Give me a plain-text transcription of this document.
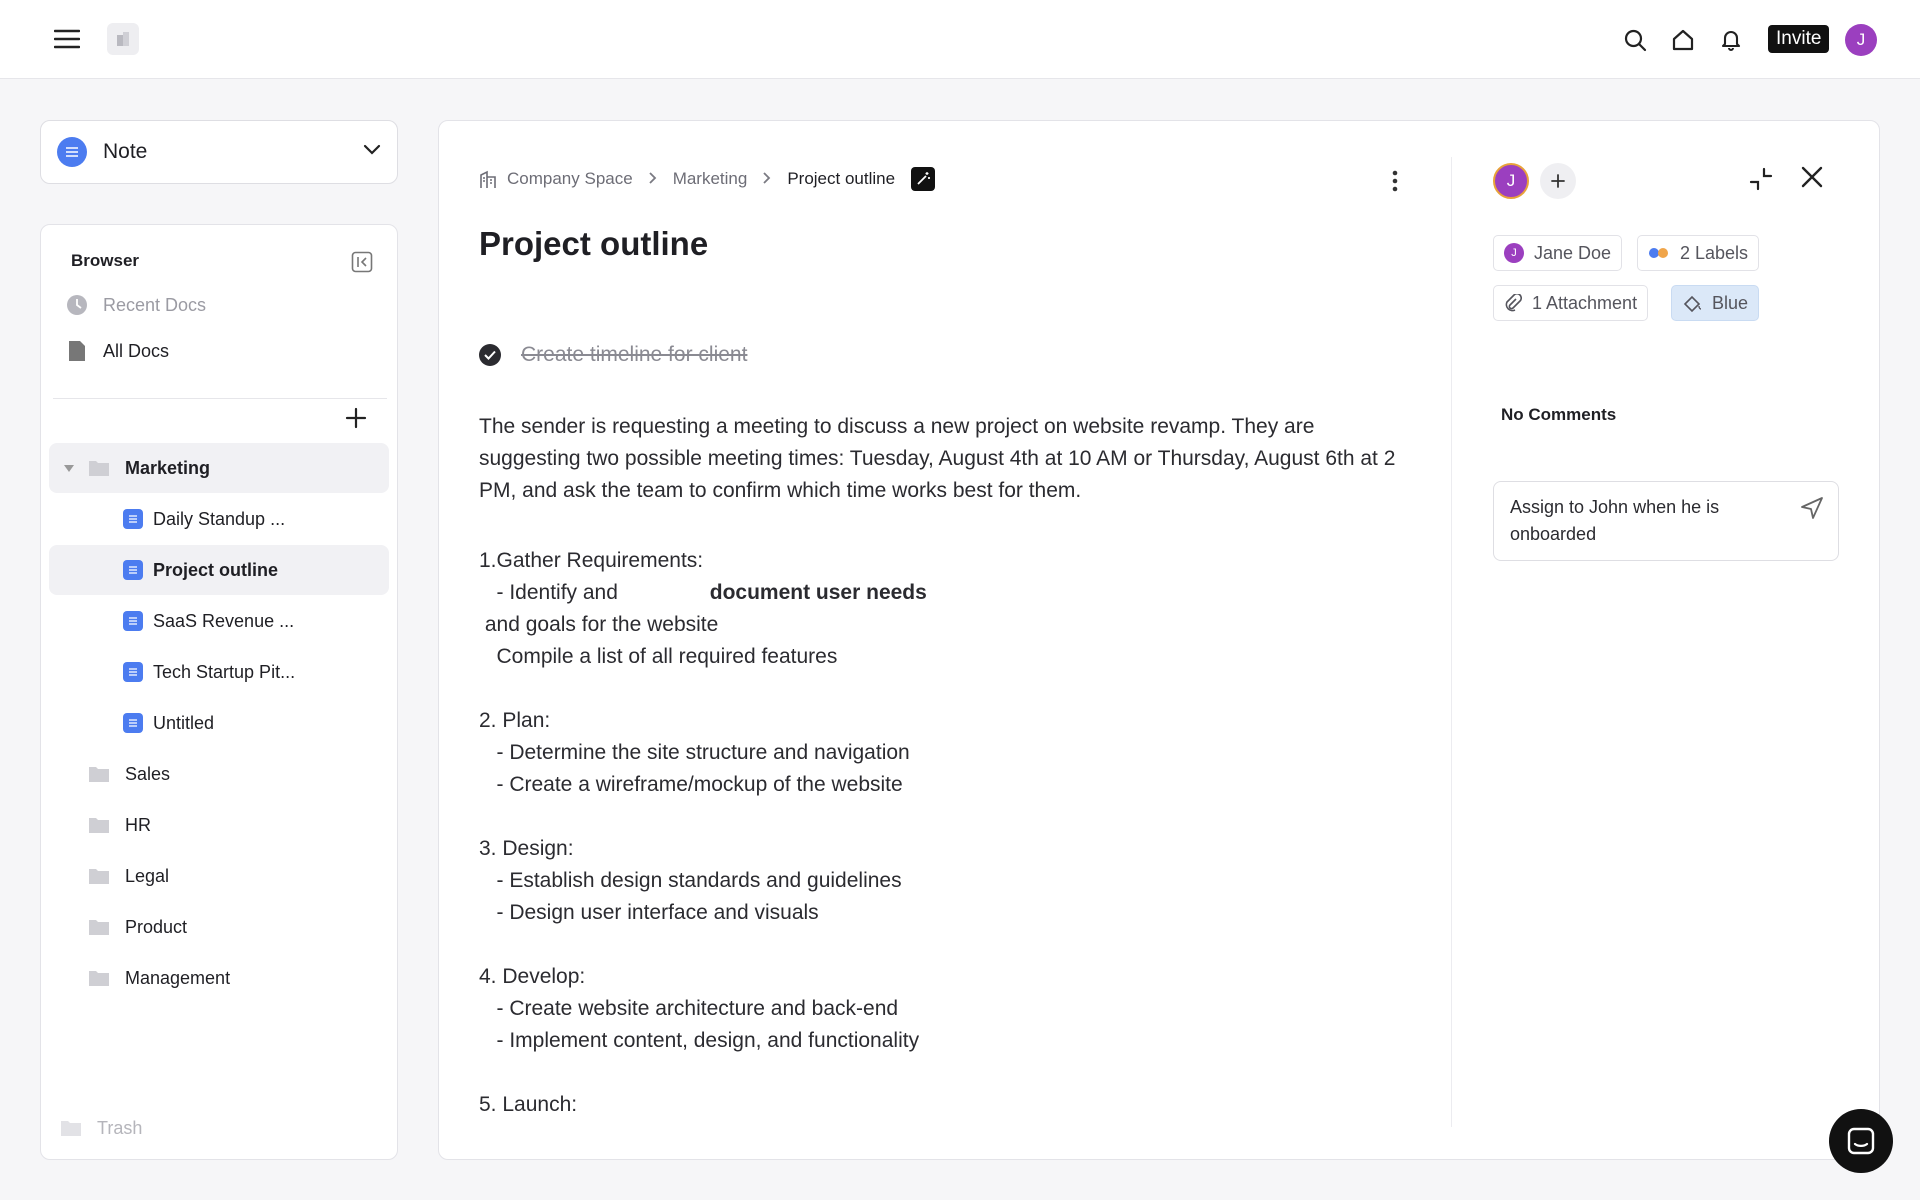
Invite	J
Note
Browser
Recent Docs
All Docs
Marketing
Daily Standup ...
Project outline
SaaS Revenue ...
Tech Startup Pit...
Untitled
Sales
HR
Legal
Product
Management
Trash
Company Space Marketing Project outline
Project outline
Create timeline for client

The sender is requesting a meeting to discuss a new project on website revamp. They are suggesting two possible meeting times: Tuesday, August 4th at 10 AM or Thursday, August 6th at 2 PM, and ask the team to confirm which time works best for them.

1.Gather Requirements:

- Identify and	document user needs

and goals for the website

Compile a list of all required features

2. Plan:

- Determine the site structure and navigation

- Create a wireframe/mockup of the website

3. Design:

- Establish design standards and guidelines

- Design user interface and visuals

4. Develop:

- Create website architecture and back-end

- Implement content, design, and functionality

5. Launch:

J
J Jane Doe	2 Labels
1 Attachment	Blue
No Comments
Assign to John when he is onboarded
